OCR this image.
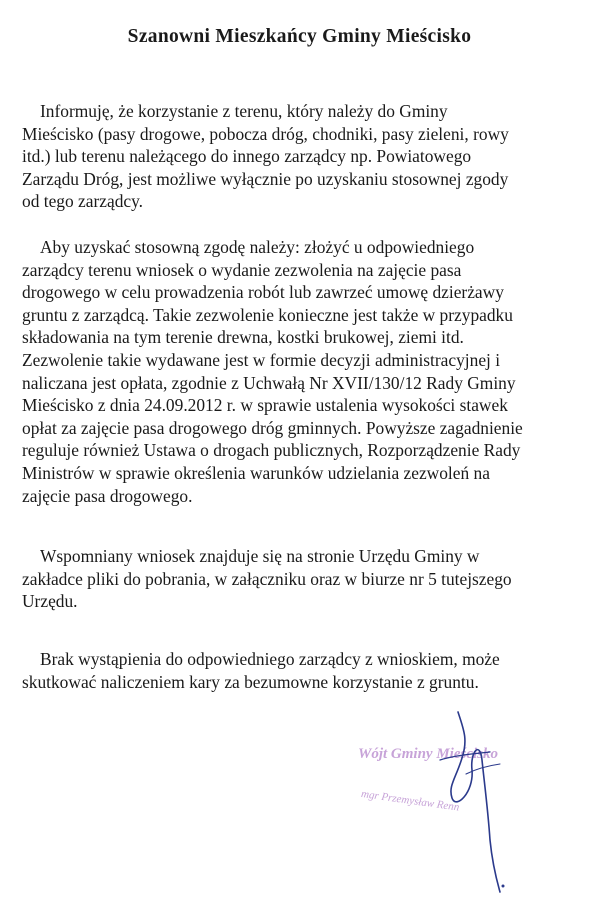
Szanowni Mieszkańcy Gminy Mieścisko
Informuję, że korzystanie z terenu, który należy do Gminy
Mieścisko (pasy drogowe, pobocza dróg, chodniki, pasy zieleni, rowy
itd.) lub terenu należącego do innego zarządcy np. Powiatowego
Zarządu Dróg, jest możliwe wyłącznie po uzyskaniu stosownej zgody
od tego zarządcy.
Aby uzyskać stosowną zgodę należy: złożyć u odpowiedniego
zarządcy terenu wniosek o wydanie zezwolenia na zajęcie pasa
drogowego w celu prowadzenia robót lub zawrzeć umowę dzierżawy
gruntu z zarządcą. Takie zezwolenie konieczne jest także w przypadku
składowania na tym terenie drewna, kostki brukowej, ziemi itd.
Zezwolenie takie wydawane jest w formie decyzji administracyjnej i
naliczana jest opłata, zgodnie z Uchwałą Nr XVII/130/12 Rady Gminy
Mieścisko z dnia 24.09.2012 r. w sprawie ustalenia wysokości stawek
opłat za zajęcie pasa drogowego dróg gminnych. Powyższe zagadnienie
reguluje również Ustawa o drogach publicznych, Rozporządzenie Rady
Ministrów w sprawie określenia warunków udzielania zezwoleń na
zajęcie pasa drogowego.
Wspomniany wniosek znajduje się na stronie Urzędu Gminy w
zakładce pliki do pobrania, w załączniku oraz w biurze nr 5 tutejszego
Urzędu.
Brak wystąpienia do odpowiedniego zarządcy z wnioskiem, może
skutkować naliczeniem kary za bezumowne korzystanie z gruntu.
Wójt Gminy Mieścisko
mgr Przemysław Renn
